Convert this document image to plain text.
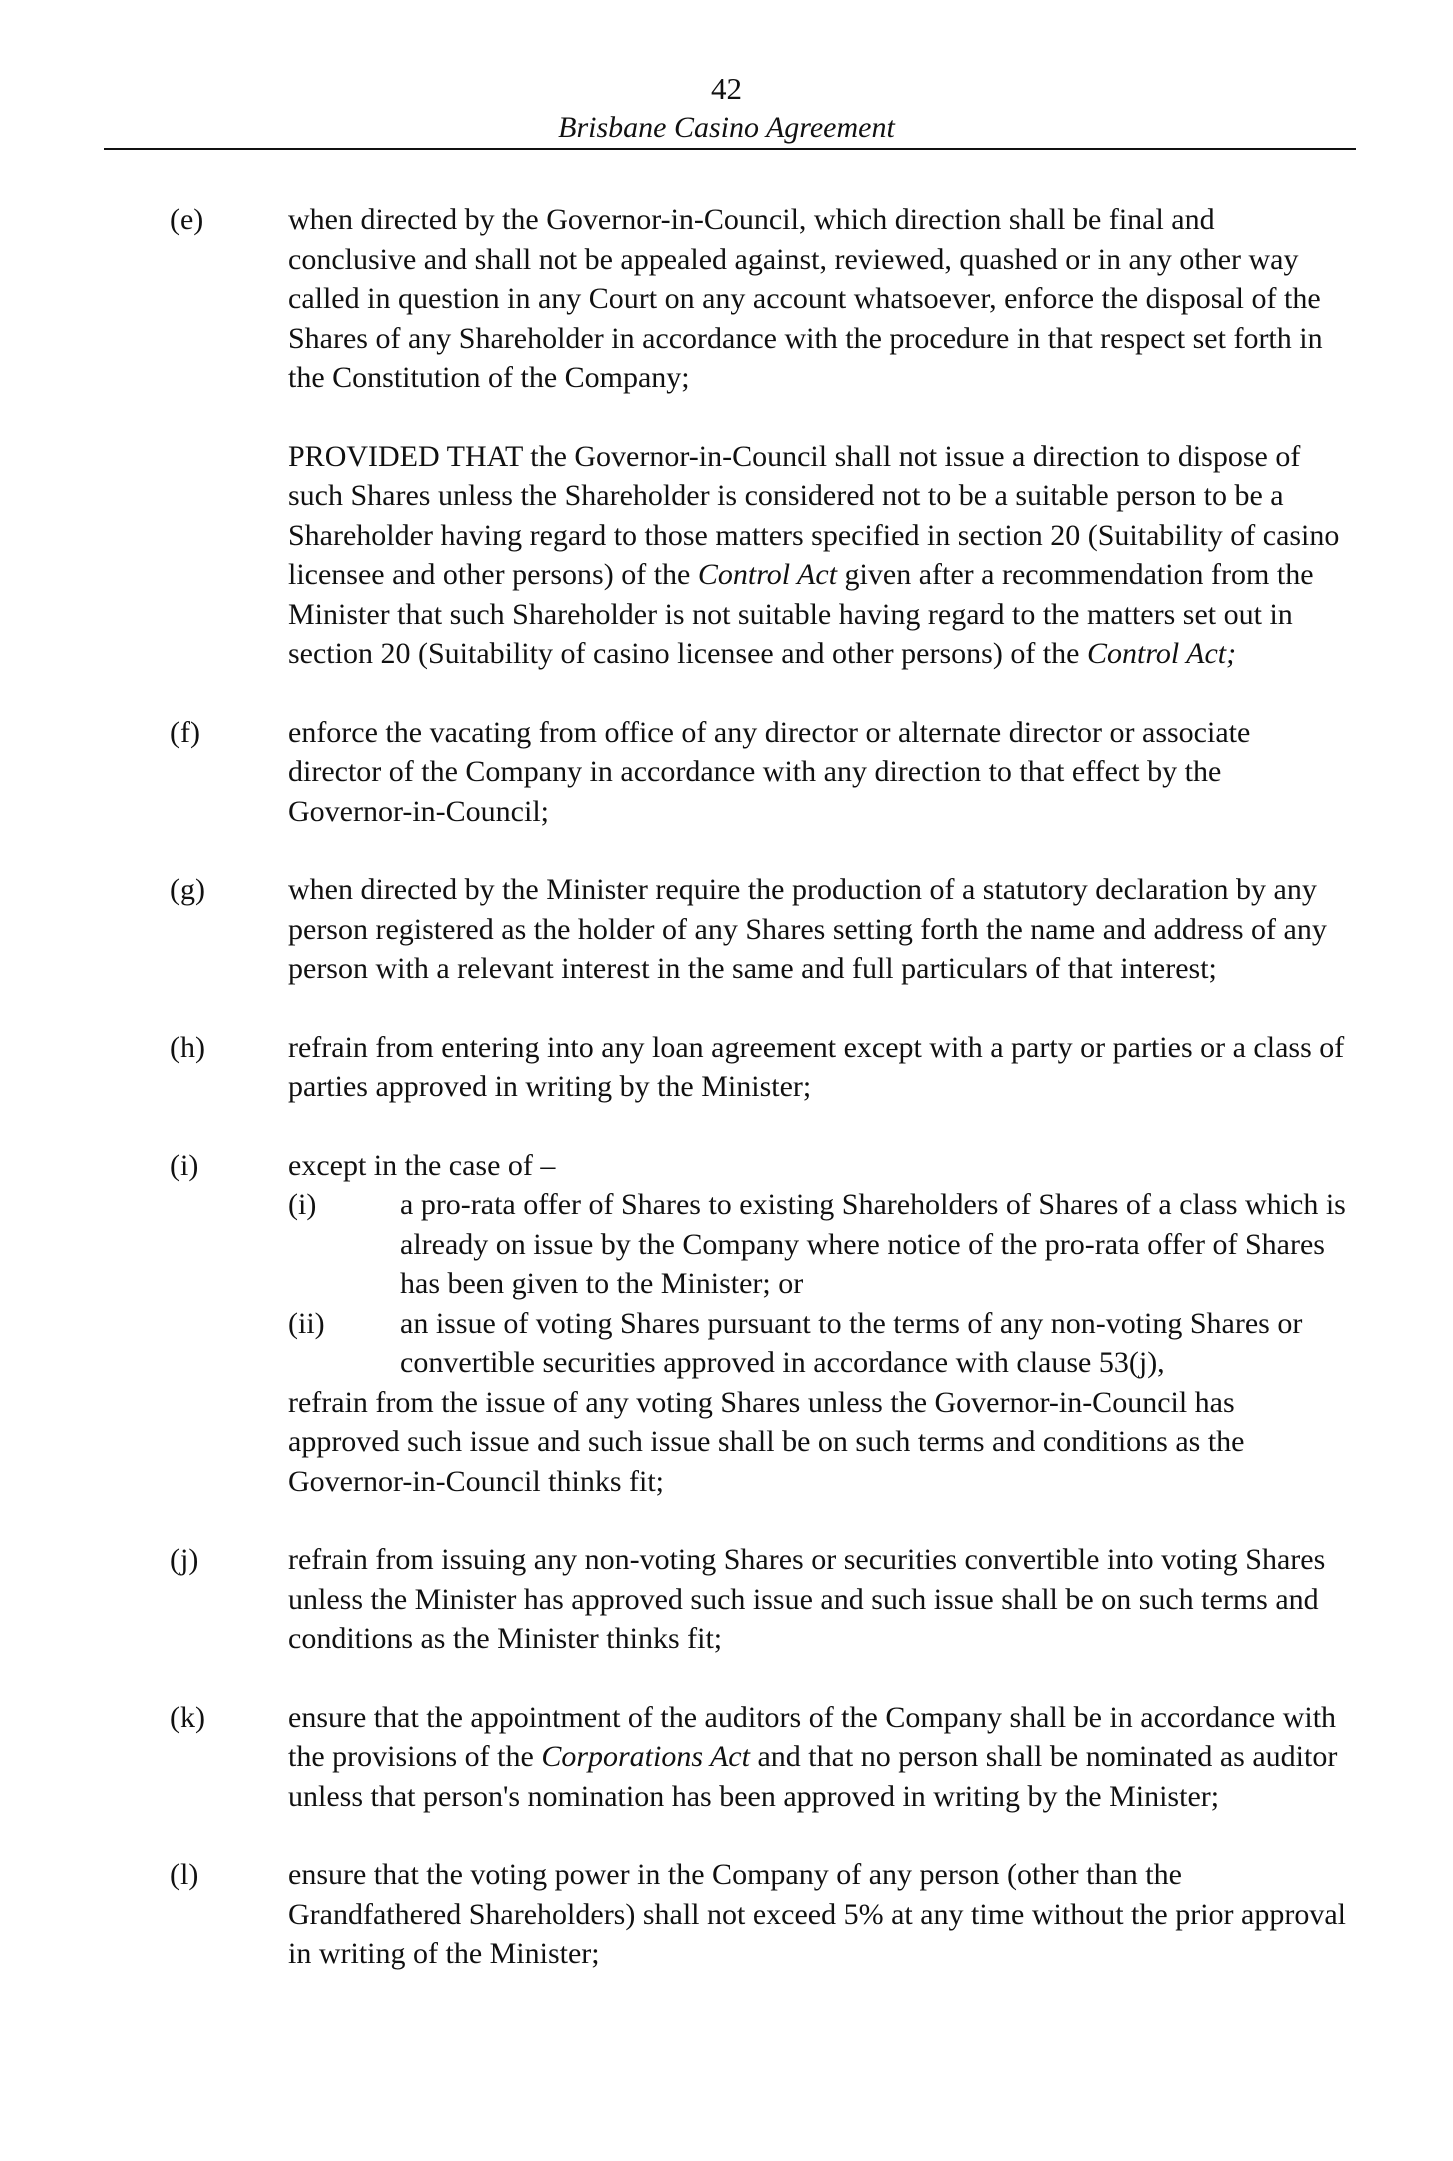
42
Brisbane Casino Agreement
(e)	when directed by the Governor-in-Council, which direction shall be final and conclusive and shall not be appealed against, reviewed, quashed or in any other way called in question in any Court on any account whatsoever, enforce the disposal of the Shares of any Shareholder in accordance with the procedure in that respect set forth in the Constitution of the Company;

PROVIDED THAT the Governor-in-Council shall not issue a direction to dispose of such Shares unless the Shareholder is considered not to be a suitable person to be a Shareholder having regard to those matters specified in section 20 (Suitability of casino licensee and other persons) of the Control Act given after a recommendation from the Minister that such Shareholder is not suitable having regard to the matters set out in section 20 (Suitability of casino licensee and other persons) of the Control Act;

(f)	enforce the vacating from office of any director or alternate director or associate director of the Company in accordance with any direction to that effect by the Governor-in-Council;

(g)	when directed by the Minister require the production of a statutory declaration by any person registered as the holder of any Shares setting forth the name and address of any person with a relevant interest in the same and full particulars of that interest;

(h)	refrain from entering into any loan agreement except with a party or parties or a class of parties approved in writing by the Minister;

(i)	except in the case of –
(i)	a pro-rata offer of Shares to existing Shareholders of Shares of a class which is already on issue by the Company where notice of the pro-rata offer of Shares has been given to the Minister; or
(ii)	an issue of voting Shares pursuant to the terms of any non-voting Shares or convertible securities approved in accordance with clause 53(j),
refrain from the issue of any voting Shares unless the Governor-in-Council has approved such issue and such issue shall be on such terms and conditions as the Governor-in-Council thinks fit;
(j)	refrain from issuing any non-voting Shares or securities convertible into voting Shares unless the Minister has approved such issue and such issue shall be on such terms and conditions as the Minister thinks fit;

(k)	ensure that the appointment of the auditors of the Company shall be in accordance with the provisions of the Corporations Act and that no person shall be nominated as auditor unless that person's nomination has been approved in writing by the Minister;

(l)	ensure that the voting power in the Company of any person (other than the Grandfathered Shareholders) shall not exceed 5% at any time without the prior approval in writing of the Minister;
